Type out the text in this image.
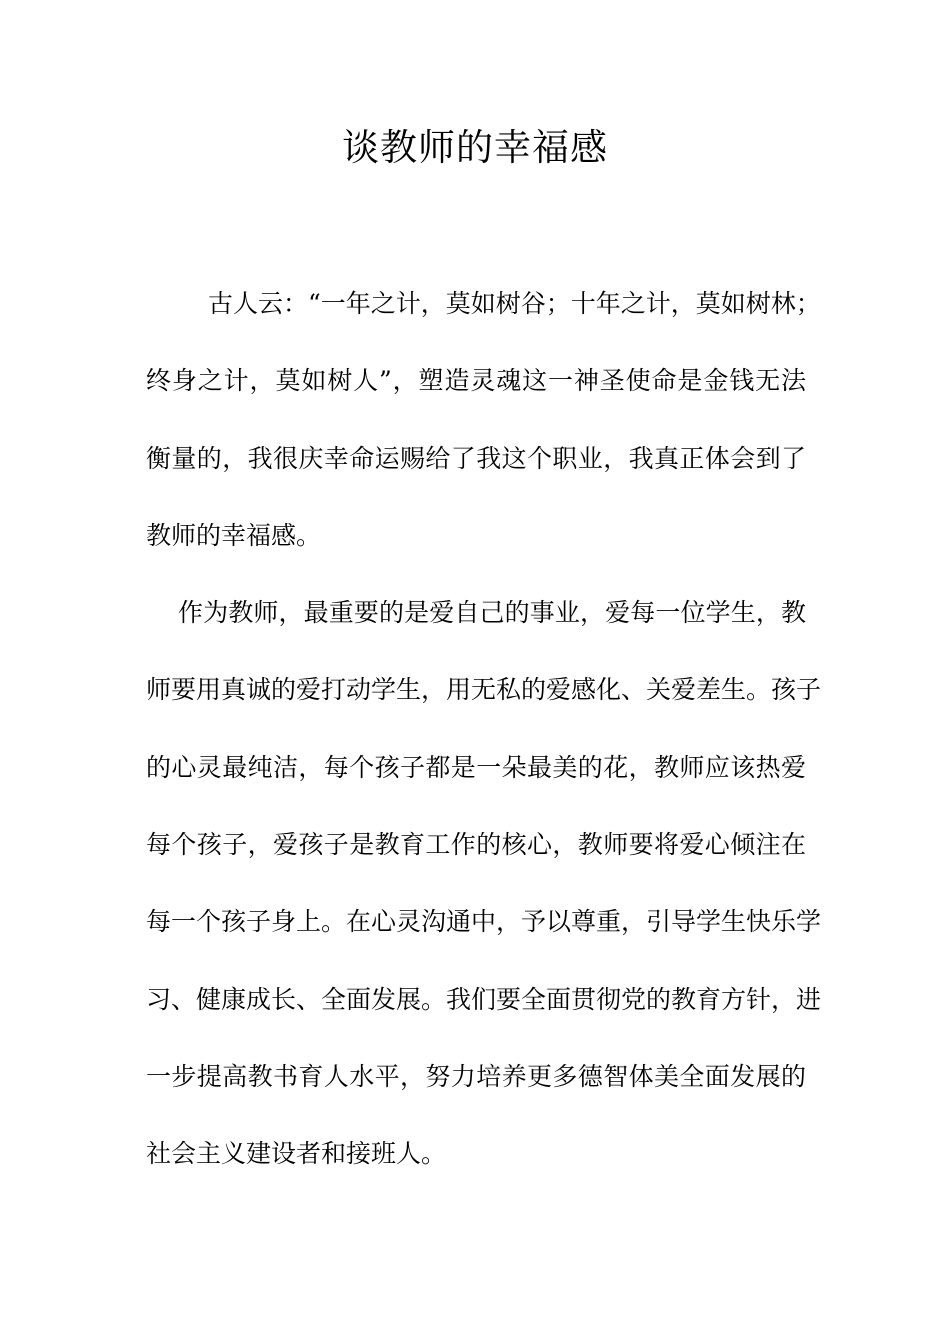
谈教师的幸福感
古人云：“一年之计，莫如树谷；十年之计，莫如树林；
终身之计，莫如树人”，塑造灵魂这一神圣使命是金钱无法
衡量的，我很庆幸命运赐给了我这个职业，我真正体会到了
教师的幸福感。
作为教师，最重要的是爱自己的事业，爱每一位学生，教
师要用真诚的爱打动学生，用无私的爱感化、关爱差生。孩子
的心灵最纯洁，每个孩子都是一朵最美的花，教师应该热爱
每个孩子，爱孩子是教育工作的核心，教师要将爱心倾注在
每一个孩子身上。在心灵沟通中，予以尊重，引导学生快乐学
习、健康成长、全面发展。我们要全面贯彻党的教育方针，进
一步提高教书育人水平，努力培养更多德智体美全面发展的
社会主义建设者和接班人。
